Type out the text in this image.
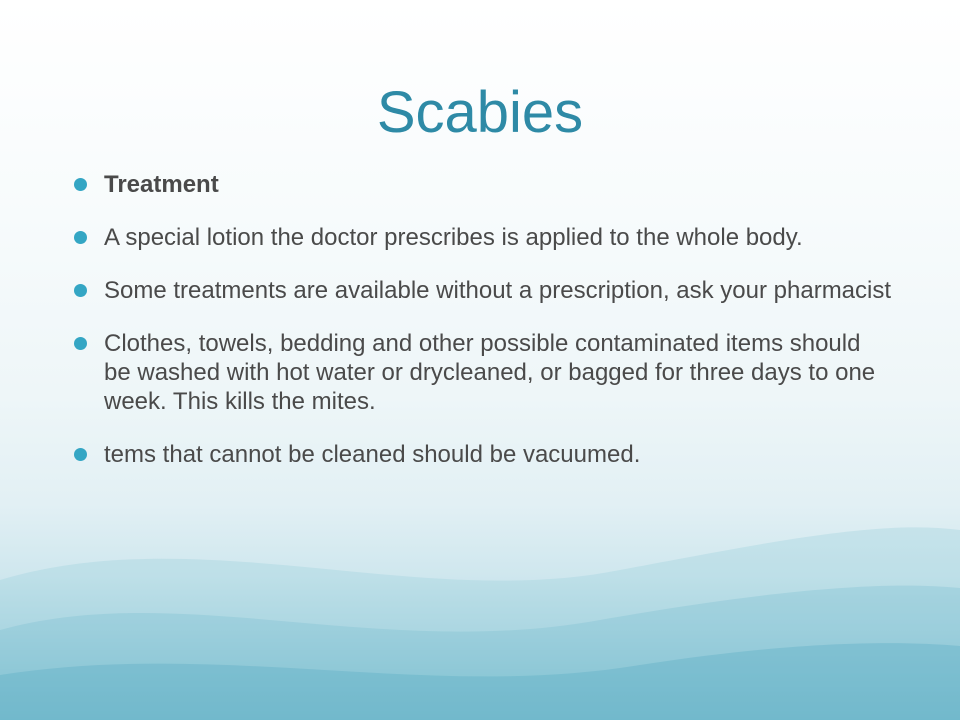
Scabies
Treatment
A special lotion the doctor prescribes is applied to the whole body.
Some treatments are available without a prescription, ask your pharmacist
Clothes, towels, bedding and other possible contaminated items should be washed with hot water or drycleaned, or bagged for three days to one week. This kills the mites.
tems that cannot be cleaned should be vacuumed.
